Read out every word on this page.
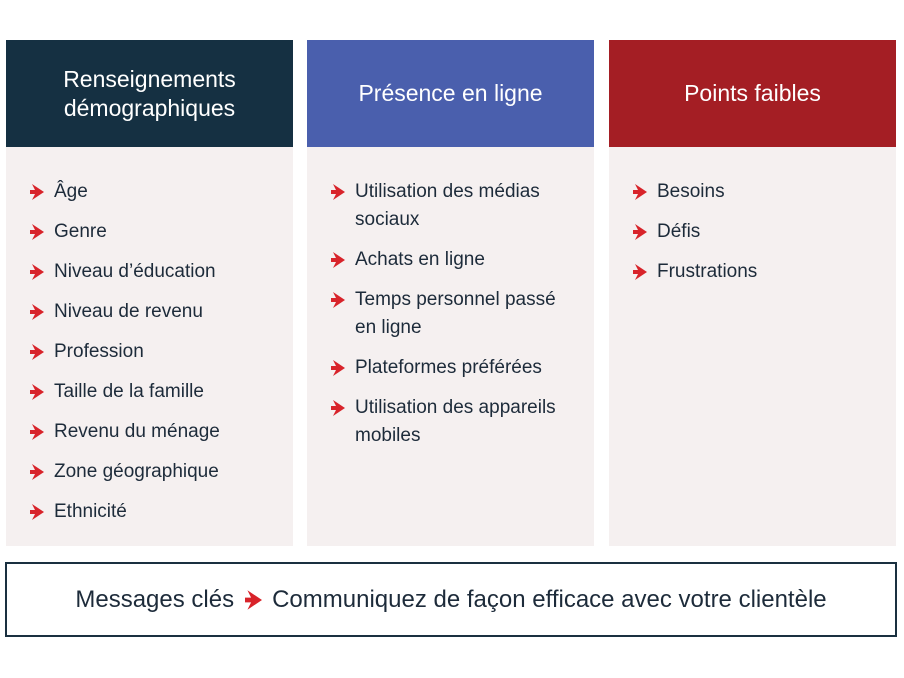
Renseignements démographiques
Âge
Genre
Niveau d’éducation
Niveau de revenu
Profession
Taille de la famille
Revenu du ménage
Zone géographique
Ethnicité
Présence en ligne
Utilisation des médias sociaux
Achats en ligne
Temps personnel passé en ligne
Plateformes préférées
Utilisation des appareils mobiles
Points faibles
Besoins
Défis
Frustrations
Messages clés Communiquez de façon efficace avec votre clientèle
